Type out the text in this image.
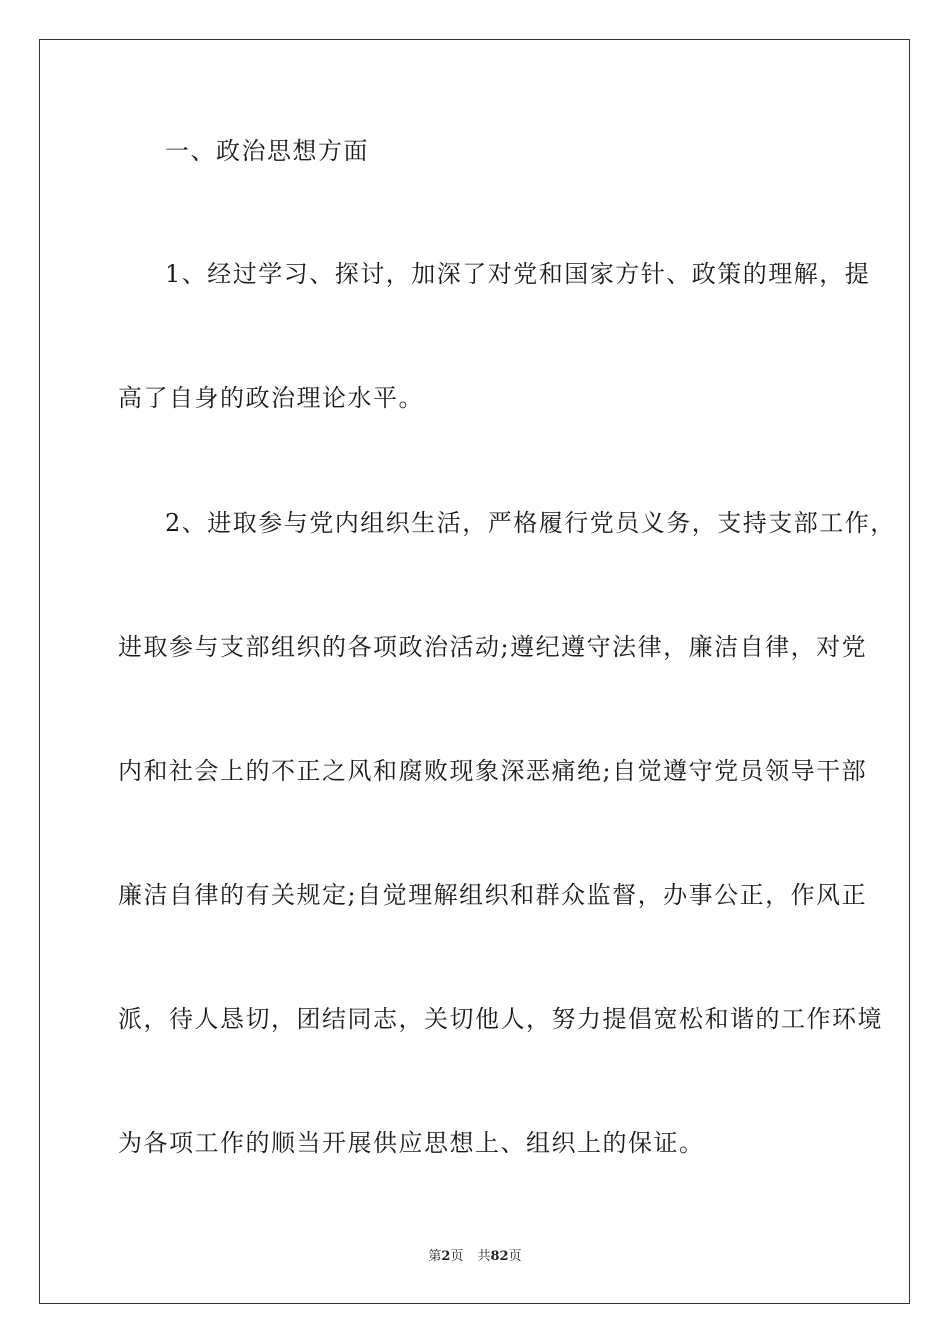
一、政治思想方面
1、经过学习、探讨，加深了对党和国家方针、政策的理解，提
高了自身的政治理论水平。
2、进取参与党内组织生活，严格履行党员义务，支持支部工作，
进取参与支部组织的各项政治活动;遵纪遵守法律，廉洁自律，对党
内和社会上的不正之风和腐败现象深恶痛绝;自觉遵守党员领导干部
廉洁自律的有关规定;自觉理解组织和群众监督，办事公正，作风正
派，待人恳切，团结同志，关切他人，努力提倡宽松和谐的工作环境
为各项工作的顺当开展供应思想上、组织上的保证。
第2页 共82页
